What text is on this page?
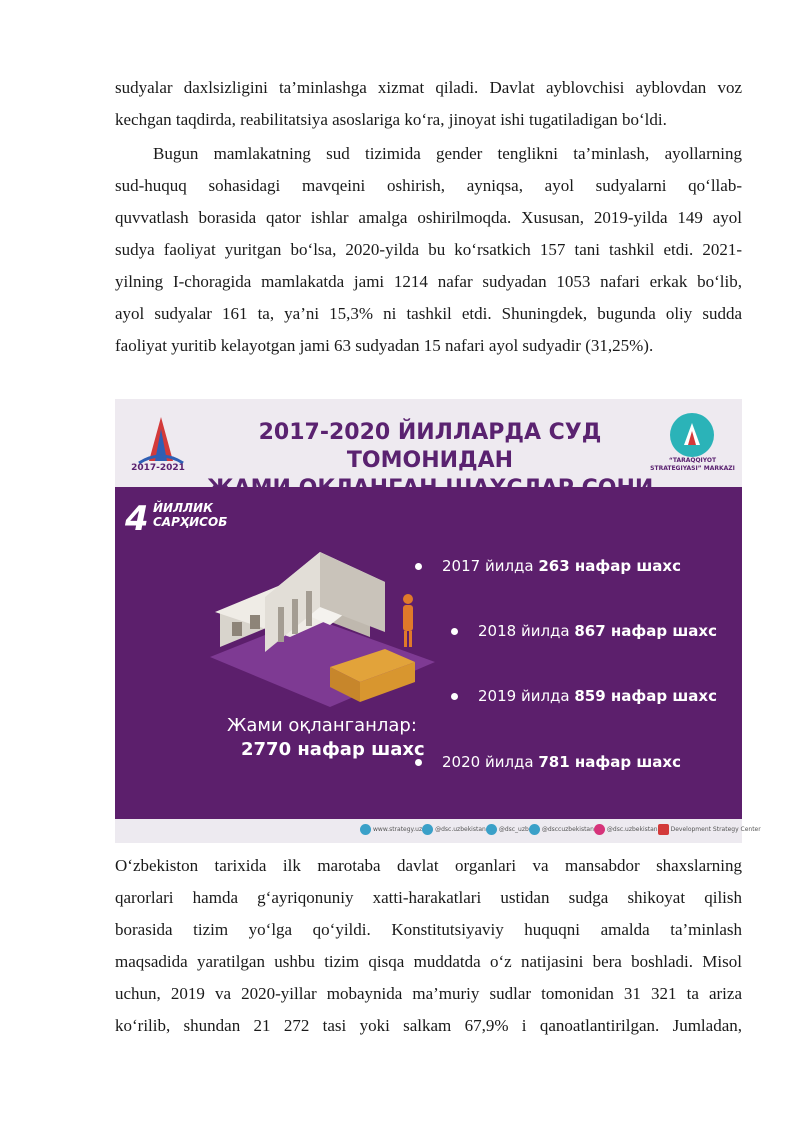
sudyalar daxlsizligini ta’minlashga xizmat qiladi. Davlat ayblovchisi ayblovdan voz
kechgan taqdirda, reabilitatsiya asoslariga ko‘ra, jinoyat ishi tugatiladigan bo‘ldi.
Bugun mamlakatning sud tizimida gender tenglikni ta’minlash, ayollarning
sud-huquq sohasidagi mavqeini oshirish, ayniqsa, ayol sudyalarni qo‘llab-
quvvatlash borasida qator ishlar amalga oshirilmoqda. Xususan, 2019-yilda 149 ayol
sudya faoliyat yuritgan bo‘lsa, 2020-yilda bu ko‘rsatkich 157 tani tashkil etdi. 2021-
yilning I-choragida mamlakatda jami 1214 nafar sudyadan 1053 nafari erkak bo‘lib,
ayol sudyalar 161 ta, ya’ni 15,3% ni tashkil etdi. Shuningdek, bugunda oliy sudda
faoliyat yuritib kelayotgan jami 63 sudyadan 15 nafari ayol sudyadir (31,25%).
2017-2021
2017-2020 ЙИЛЛАРДА СУД ТОМОНИДАН	“TARAQQIYOT STRATEGIYASI” MARKAZI
4 ЙИЛЛИК
САРҲИСОБ
2017 йилда 263 нафар шахс
2018 йилда 867 нафар шахс
2019 йилда 859 нафар шахс
2020 йилда 781 нафар шахс
Жами оқланганлар:
2770 нафар шахс
www.strategy.uz	@dsc.uzbekistan	@dsc_uzb	@dsccuzbekistan	@dsc.uzbekistan	Development Strategy Center
O‘zbekiston tarixida ilk marotaba davlat organlari va mansabdor shaxslarning
qarorlari hamda g‘ayriqonuniy xatti-harakatlari ustidan sudga shikoyat qilish
borasida tizim yo‘lga qo‘yildi. Konstitutsiyaviy huquqni amalda ta’minlash
maqsadida yaratilgan ushbu tizim qisqa muddatda o‘z natijasini bera boshladi. Misol
uchun, 2019 va 2020-yillar mobaynida ma’muriy sudlar tomonidan 31 321 ta ariza
ko‘rilib, shundan 21 272 tasi yoki salkam 67,9% i qanoatlantirilgan. Jumladan,
